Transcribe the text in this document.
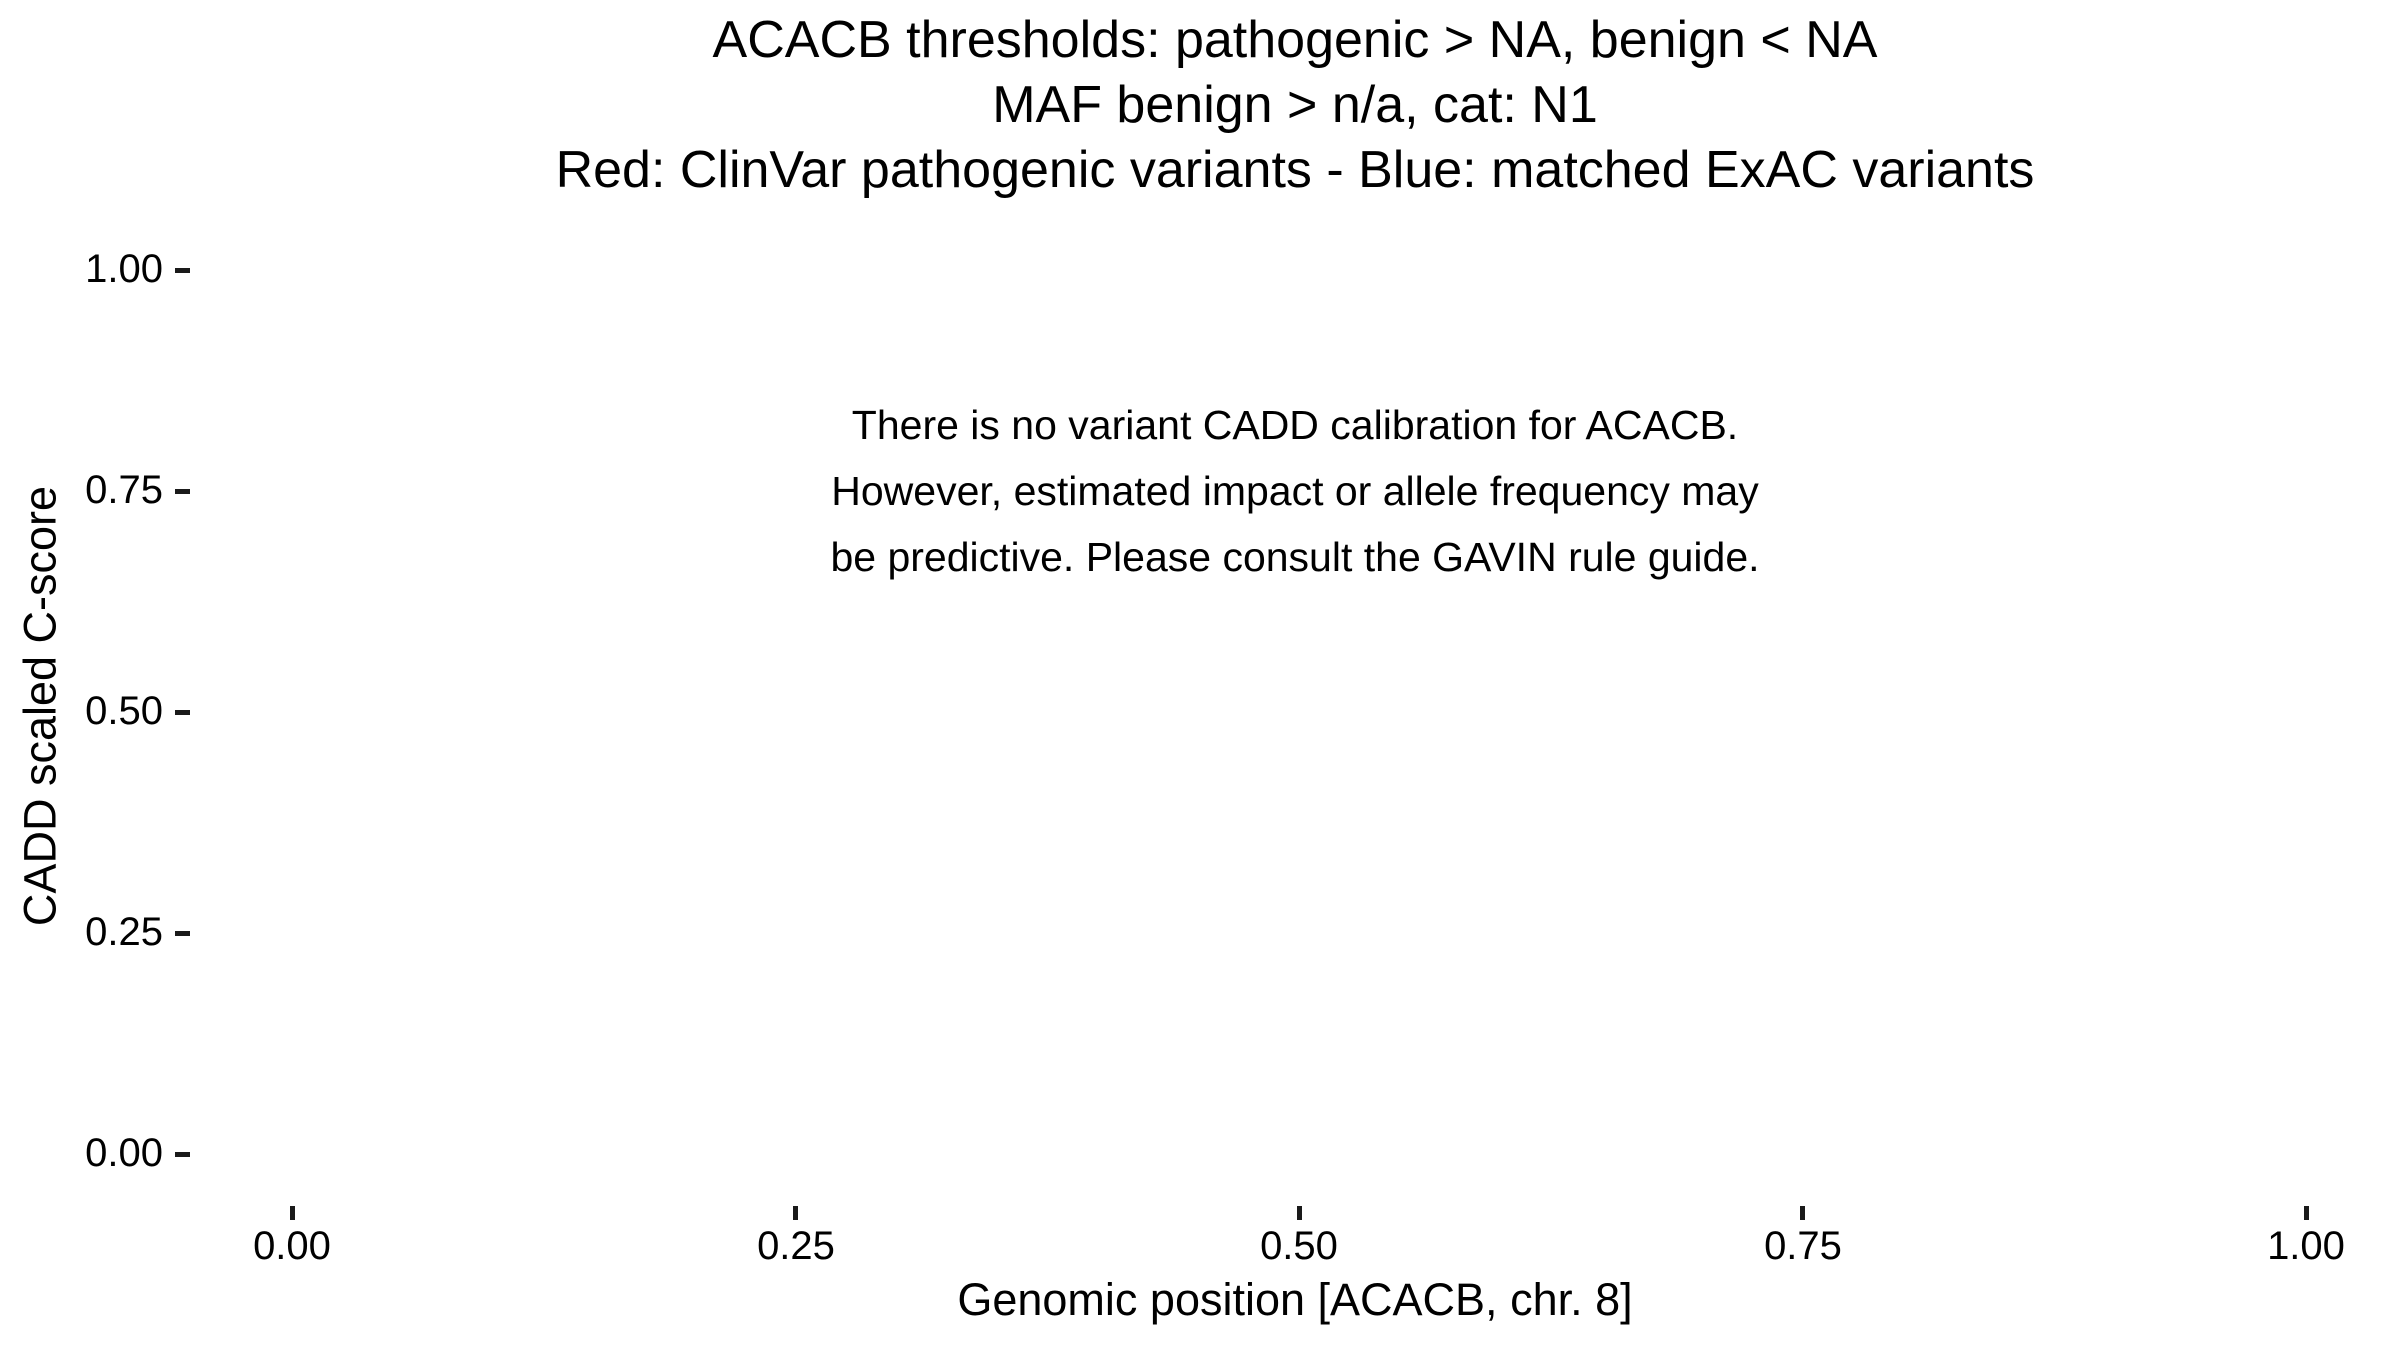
ACACB thresholds: pathogenic > NA, benign < NA
MAF benign > n/a, cat: N1
Red: ClinVar pathogenic variants - Blue: matched ExAC variants
There is no variant CADD calibration for ACACB.
However, estimated impact or allele frequency may
be predictive. Please consult the GAVIN rule guide.
1.00
0.75
0.50
0.25
0.00
0.00	0.25	0.50	0.75	1.00
Genomic position [ACACB, chr. 8]
CADD scaled C-score
